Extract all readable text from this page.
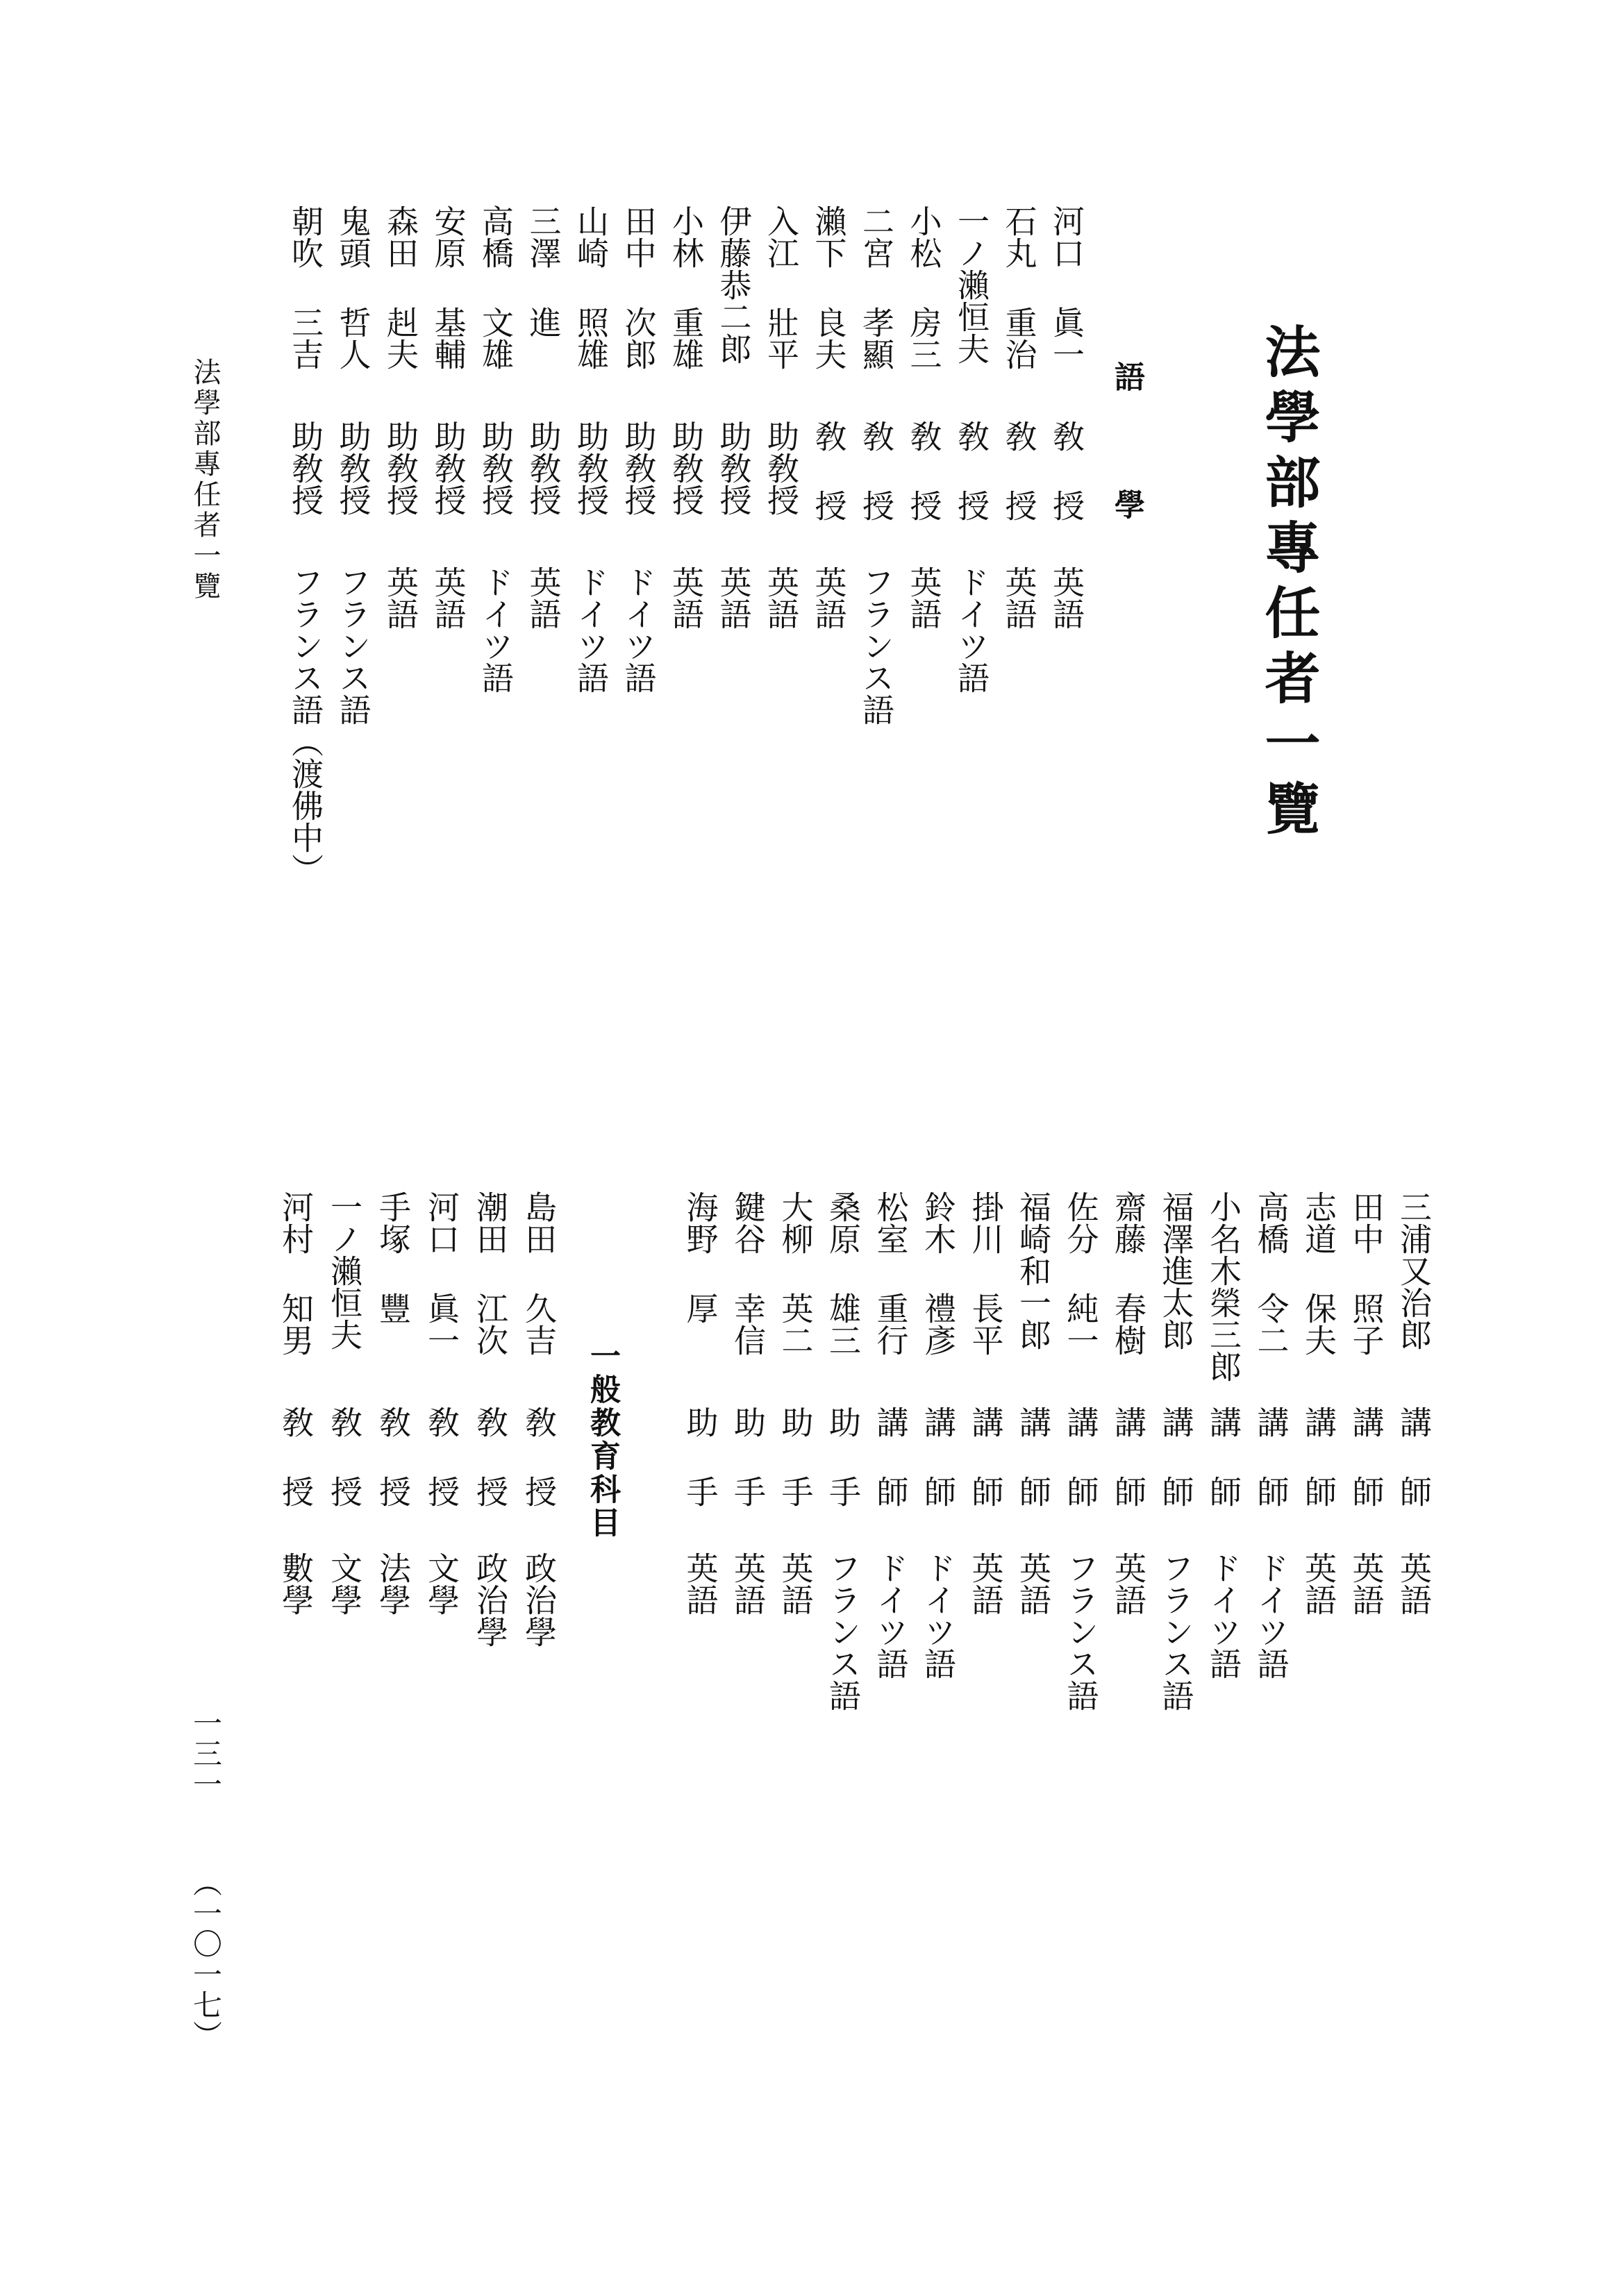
法學部專任者一覽
語學
一般教育科目
河口 眞一
敎 授
英語
石丸 重治
敎 授
英語
一ノ瀨恒夫
敎 授
ドイツ語
小松 房三
敎 授
英語
二宮 孝顯
敎 授
フランス語
瀨下 良夫
敎 授
英語
入江 壯平
助敎授
英語
伊藤恭二郎
助敎授
英語
小林 重雄
助敎授
英語
田中 次郎
助敎授
ドイツ語
山崎 照雄
助敎授
ドイツ語
三澤 進
助敎授
英語
高橋 文雄
助敎授
ドイツ語
安原 基輔
助敎授
英語
森田 赳夫
助敎授
英語
鬼頭 哲人
助敎授
フランス語
朝吹 三吉
助敎授
フランス語（渡佛中）
三浦又治郎
講 師
英語
田中 照子
講 師
英語
志道 保夫
講 師
英語
高橋 令二
講 師
ドイツ語
小名木榮三郎
講 師
ドイツ語
福澤進太郎
講 師
フランス語
齋藤 春樹
講 師
英語
佐分 純一
講 師
フランス語
福崎和一郎
講 師
英語
掛川 長平
講 師
英語
鈴木 禮彥
講 師
ドイツ語
松室 重行
講 師
ドイツ語
桑原 雄三
助 手
フランス語
大柳 英二
助 手
英語
鍵谷 幸信
助 手
英語
海野 厚
助 手
英語
島田 久吉
敎 授
政治學
潮田 江次
敎 授
政治學
河口 眞一
敎 授
文學
手塚 豐
敎 授
法學
一ノ瀨恒夫
敎 授
文學
河村 知男
敎 授
數學
法學部專任者一覽
一三一
（一〇一七）
